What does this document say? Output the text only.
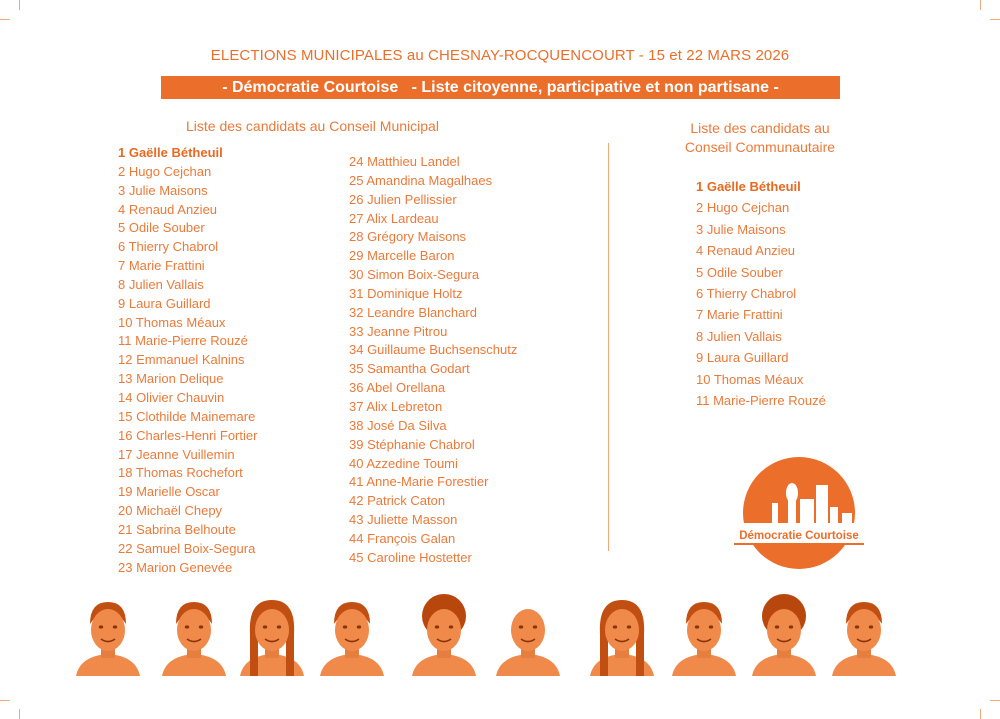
ELECTIONS MUNICIPALES au CHESNAY-ROCQUENCOURT - 15 et 22 MARS 2026
- Démocratie Courtoise   - Liste citoyenne, participative et non partisane -
Liste des candidats au Conseil Municipal
1 Gaëlle Bétheuil
2 Hugo Cejchan
3 Julie Maisons
4 Renaud Anzieu
5 Odile Souber
6 Thierry Chabrol
7 Marie Frattini
8 Julien Vallais
9 Laura Guillard
10 Thomas Méaux
11 Marie-Pierre Rouzé
12 Emmanuel Kalnins
13 Marion Delique
14 Olivier Chauvin
15 Clothilde Mainemare
16 Charles-Henri Fortier
17 Jeanne Vuillemin
18 Thomas Rochefort
19 Marielle Oscar
20 Michaël Chepy
21 Sabrina Belhoute
22 Samuel Boix-Segura
23 Marion Genevée
24 Matthieu Landel
25 Amandina Magalhaes
26 Julien Pellissier
27 Alix Lardeau
28 Grégory Maisons
29 Marcelle Baron
30 Simon Boix-Segura
31 Dominique Holtz
32 Leandre Blanchard
33 Jeanne Pitrou
34 Guillaume Buchsenschutz
35 Samantha Godart
36 Abel Orellana
37 Alix Lebreton
38 José Da Silva
39 Stéphanie Chabrol
40 Azzedine Toumi
41 Anne-Marie Forestier
42 Patrick Caton
43 Juliette Masson
44 François Galan
45 Caroline Hostetter
Liste des candidats au
Conseil Communautaire
1 Gaëlle Bétheuil
2 Hugo Cejchan
3 Julie Maisons
4 Renaud Anzieu
5 Odile Souber
6 Thierry Chabrol
7 Marie Frattini
8 Julien Vallais
9 Laura Guillard
10 Thomas Méaux
11 Marie-Pierre Rouzé
Démocratie Courtoise
